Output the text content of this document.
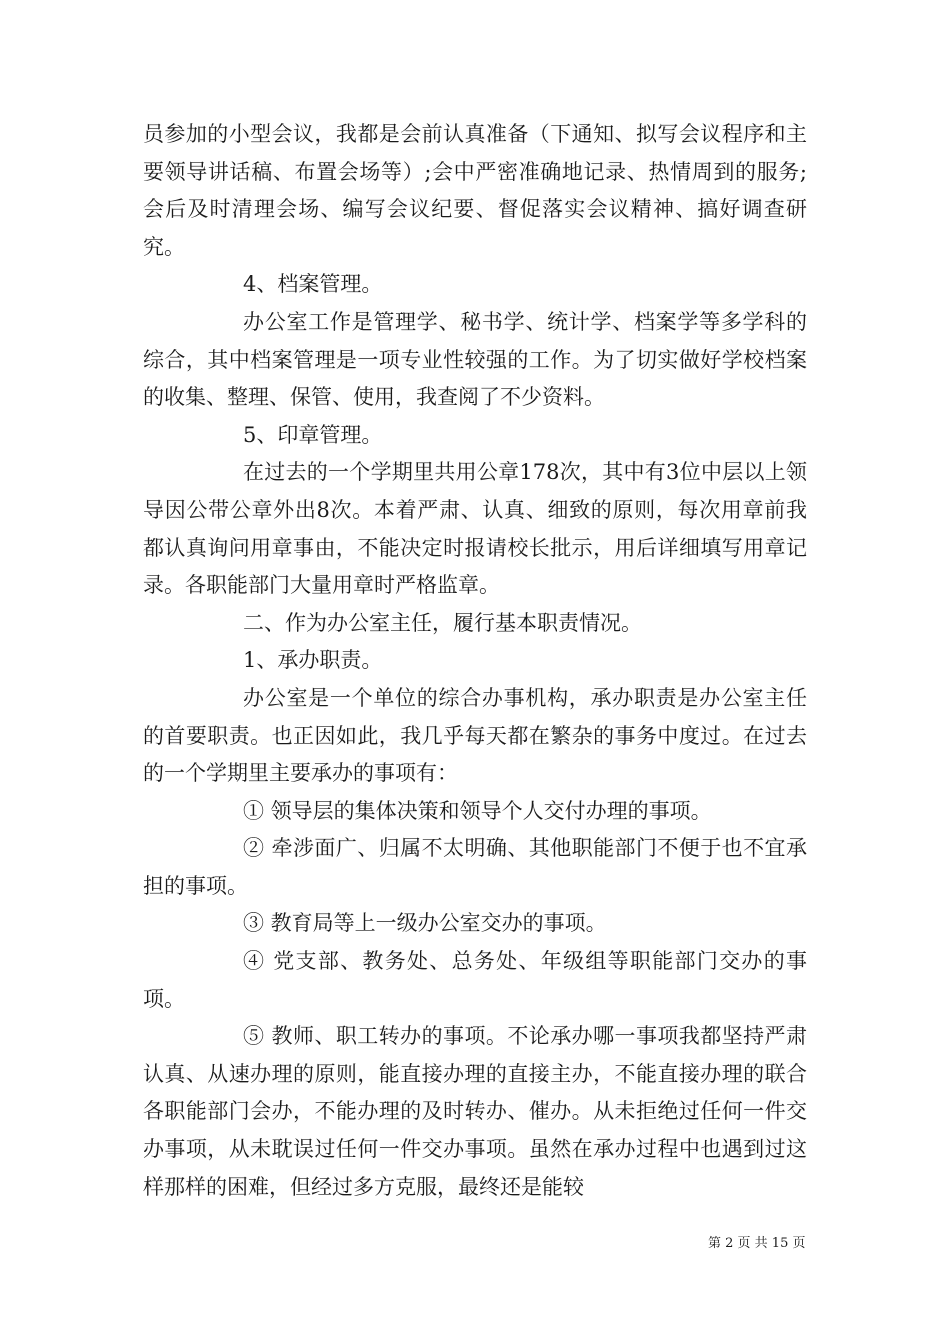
员参加的小型会议，我都是会前认真准备（下通知、拟写会议程序和主要领导讲话稿、布置会场等）;会中严密准确地记录、热情周到的服务;会后及时清理会场、编写会议纪要、督促落实会议精神、搞好调查研究。

4、档案管理。

办公室工作是管理学、秘书学、统计学、档案学等多学科的综合，其中档案管理是一项专业性较强的工作。为了切实做好学校档案的收集、整理、保管、使用，我查阅了不少资料。

5、印章管理。

在过去的一个学期里共用公章178次，其中有3位中层以上领导因公带公章外出8次。本着严肃、认真、细致的原则，每次用章前我都认真询问用章事由，不能决定时报请校长批示，用后详细填写用章记录。各职能部门大量用章时严格监章。

二、作为办公室主任，履行基本职责情况。

1、承办职责。

办公室是一个单位的综合办事机构，承办职责是办公室主任的首要职责。也正因如此，我几乎每天都在繁杂的事务中度过。在过去的一个学期里主要承办的事项有：

① 领导层的集体决策和领导个人交付办理的事项。

② 牵涉面广、归属不太明确、其他职能部门不便于也不宜承担的事项。

③ 教育局等上一级办公室交办的事项。

④ 党支部、教务处、总务处、年级组等职能部门交办的事项。

⑤ 教师、职工转办的事项。不论承办哪一事项我都坚持严肃认真、从速办理的原则，能直接办理的直接主办，不能直接办理的联合各职能部门会办，不能办理的及时转办、催办。从未拒绝过任何一件交办事项，从未耽误过任何一件交办事项。虽然在承办过程中也遇到过这样那样的困难，但经过多方克服，最终还是能较

第 2 页 共 15 页
